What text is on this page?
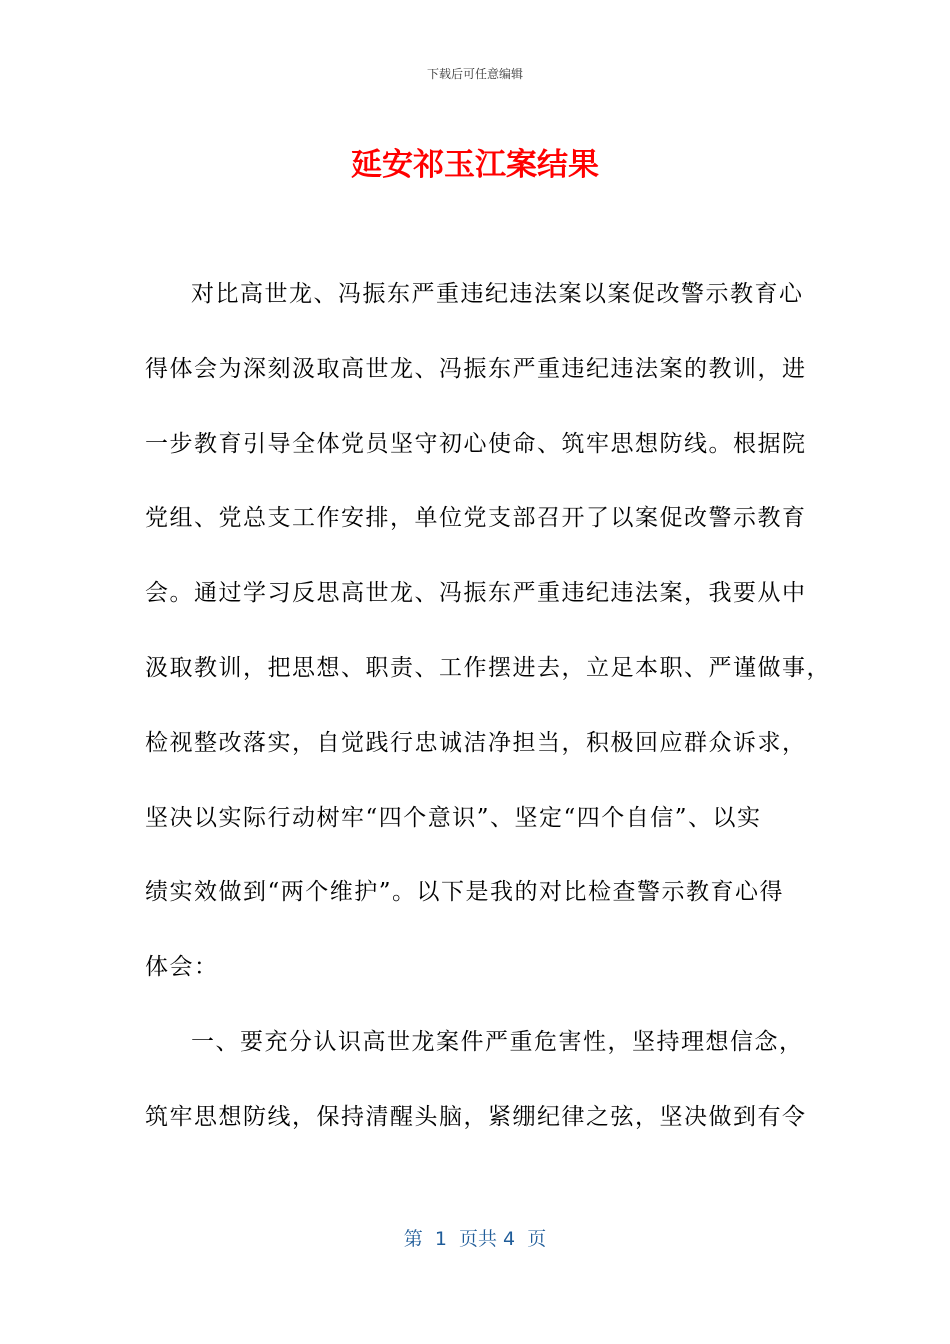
下载后可任意编辑
延安祁玉江案结果

对比高世龙、冯振东严重违纪违法案以案促改警示教育心
得体会为深刻汲取高世龙、冯振东严重违纪违法案的教训，进
一步教育引导全体党员坚守初心使命、筑牢思想防线。根据院
党组、党总支工作安排，单位党支部召开了以案促改警示教育
会。通过学习反思高世龙、冯振东严重违纪违法案，我要从中
汲取教训，把思想、职责、工作摆进去，立足本职、严谨做事，
检视整改落实，自觉践行忠诚洁净担当，积极回应群众诉求，
坚决以实际行动树牢“四个意识”、坚定“四个自信”、以实
绩实效做到“两个维护”。以下是我的对比检查警示教育心得
体会：

一、要充分认识高世龙案件严重危害性，坚持理想信念，
筑牢思想防线，保持清醒头脑，紧绷纪律之弦，坚决做到有令

第  1  页共 4  页
